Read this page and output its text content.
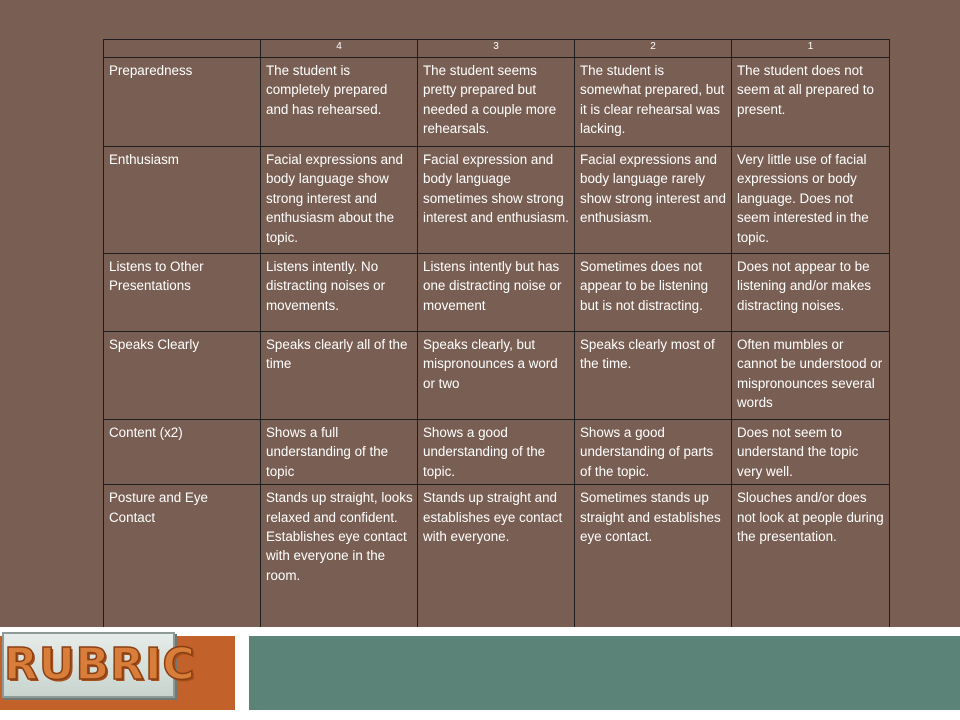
	4	3	2	1
Preparedness	The student is completely prepared and has rehearsed.	The student seems pretty prepared but needed a couple more rehearsals.	The student is somewhat prepared, but it is clear rehearsal was lacking.	The student does not seem at all prepared to present.
Enthusiasm	Facial expressions and body language show strong interest and enthusiasm about the topic.	Facial expression and body language sometimes show strong interest and enthusiasm.	Facial expressions and body language rarely show strong interest and enthusiasm.	Very little use of facial expressions or body language. Does not seem interested in the topic.
Listens to Other Presentations	Listens intently. No distracting noises or movements.	Listens intently but has one distracting noise or movement	Sometimes does not appear to be listening but is not distracting.	Does not appear to be listening and/or makes distracting noises.
Speaks Clearly	Speaks clearly all of the time	Speaks clearly, but mispronounces a word or two	Speaks clearly most of the time.	Often mumbles or cannot be understood or mispronounces several words
Content (x2)	Shows a full understanding of the topic	Shows a good understanding of the topic.	Shows a good understanding of parts of the topic.	Does not seem to understand the topic very well.
Posture and Eye Contact	Stands up straight, looks relaxed and confident. Establishes eye contact with everyone in the room.	Stands up straight and establishes eye contact with everyone.	Sometimes stands up straight and establishes eye contact.	Slouches and/or does not look at people during the presentation.
RUBRIC
